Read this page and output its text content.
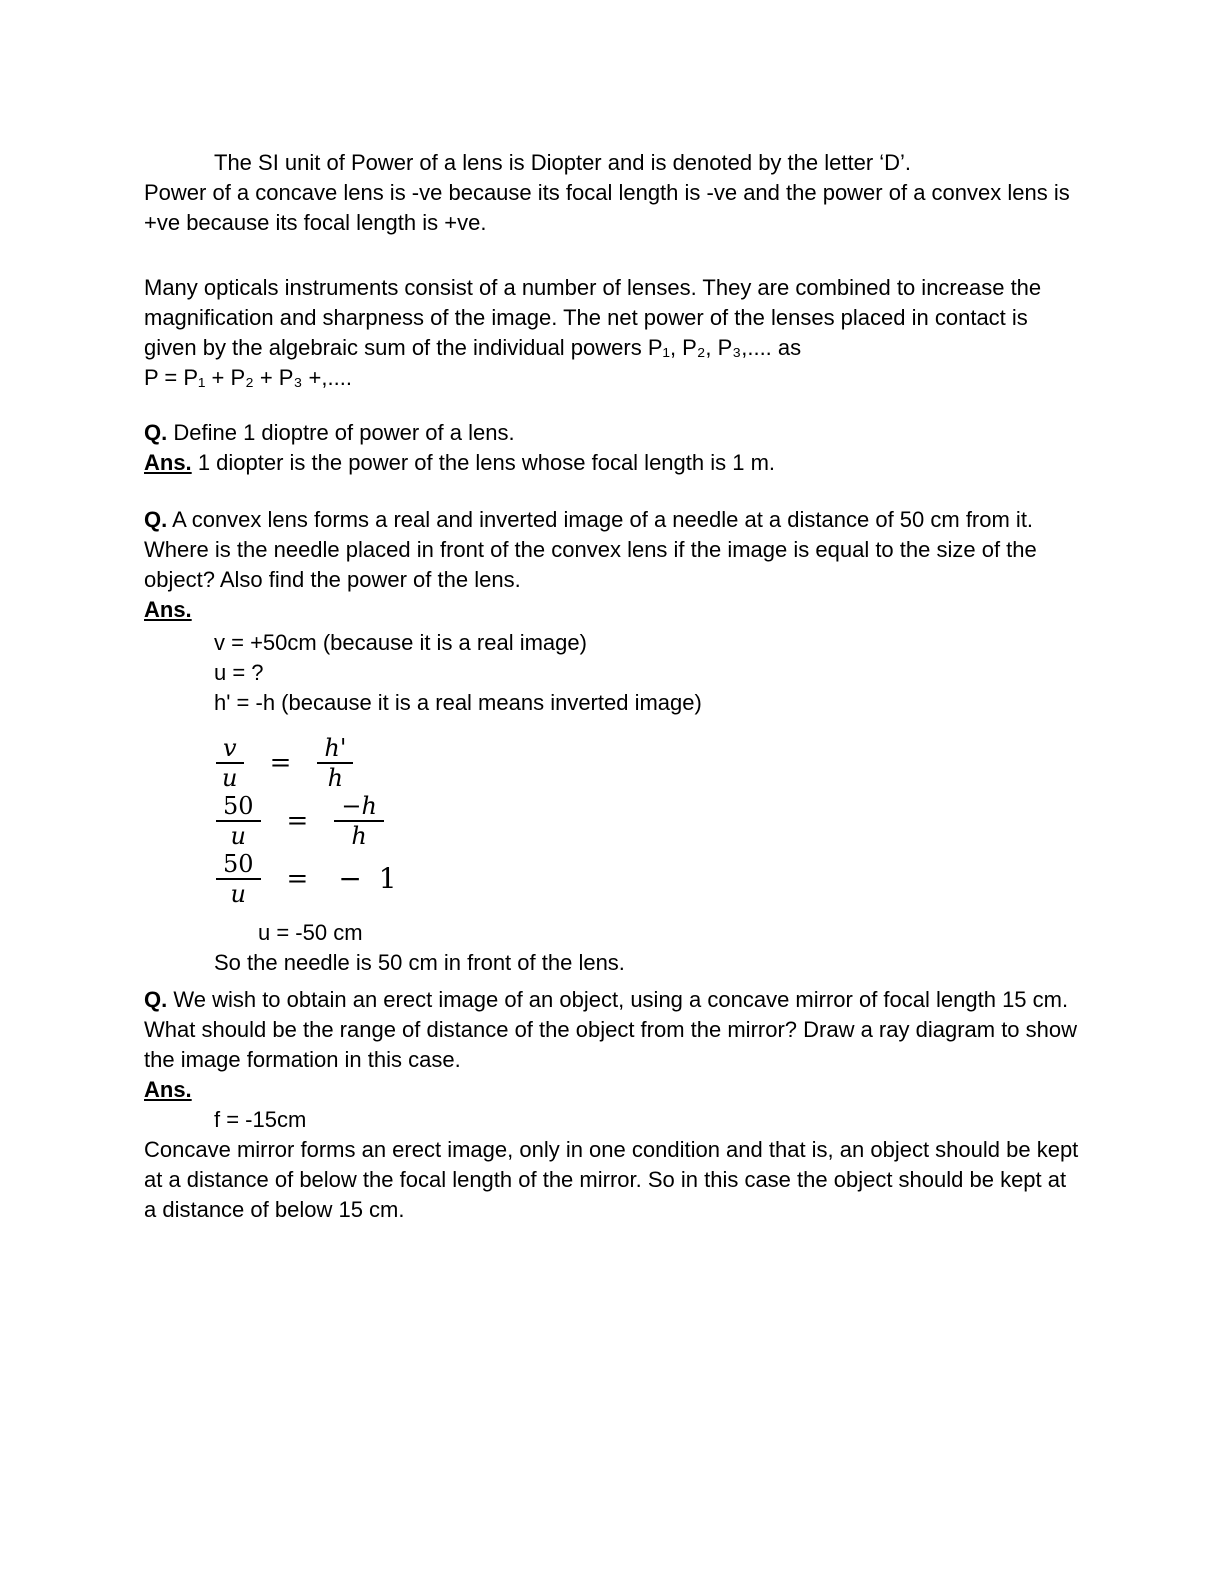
The SI unit of Power of a lens is Diopter and is denoted by the letter ‘D’.
Power of a concave lens is -ve because its focal length is -ve and the power of a convex lens is
+ve because its focal length is +ve.
Many opticals instruments consist of a number of lenses. They are combined to increase the
magnification and sharpness of the image. The net power of the lenses placed in contact is
given by the algebraic sum of the individual powers P₁, P₂, P₃,.... as
P = P₁ + P₂ + P₃ +,....
Q. Define 1 dioptre of power of a lens.
Ans. 1 diopter is the power of the lens whose focal length is 1 m.
Q. A convex lens forms a real and inverted image of a needle at a distance of 50 cm from it.
Where is the needle placed in front of the convex lens if the image is equal to the size of the
object? Also find the power of the lens.
Ans.
v = +50cm (because it is a real image)
u = ?
h' = -h (because it is a real means inverted image)
$\frac{v}{u} = \frac{h'}{h}$
$\frac{50}{u} = \frac{-h}{h}$
$\frac{50}{u}$ = − 1
u = -50 cm
So the needle is 50 cm in front of the lens.
Q. We wish to obtain an erect image of an object, using a concave mirror of focal length 15 cm.
What should be the range of distance of the object from the mirror? Draw a ray diagram to show
the image formation in this case.
Ans.
f = -15cm
Concave mirror forms an erect image, only in one condition and that is, an object should be kept
at a distance of below the focal length of the mirror. So in this case the object should be kept at
a distance of below 15 cm.
